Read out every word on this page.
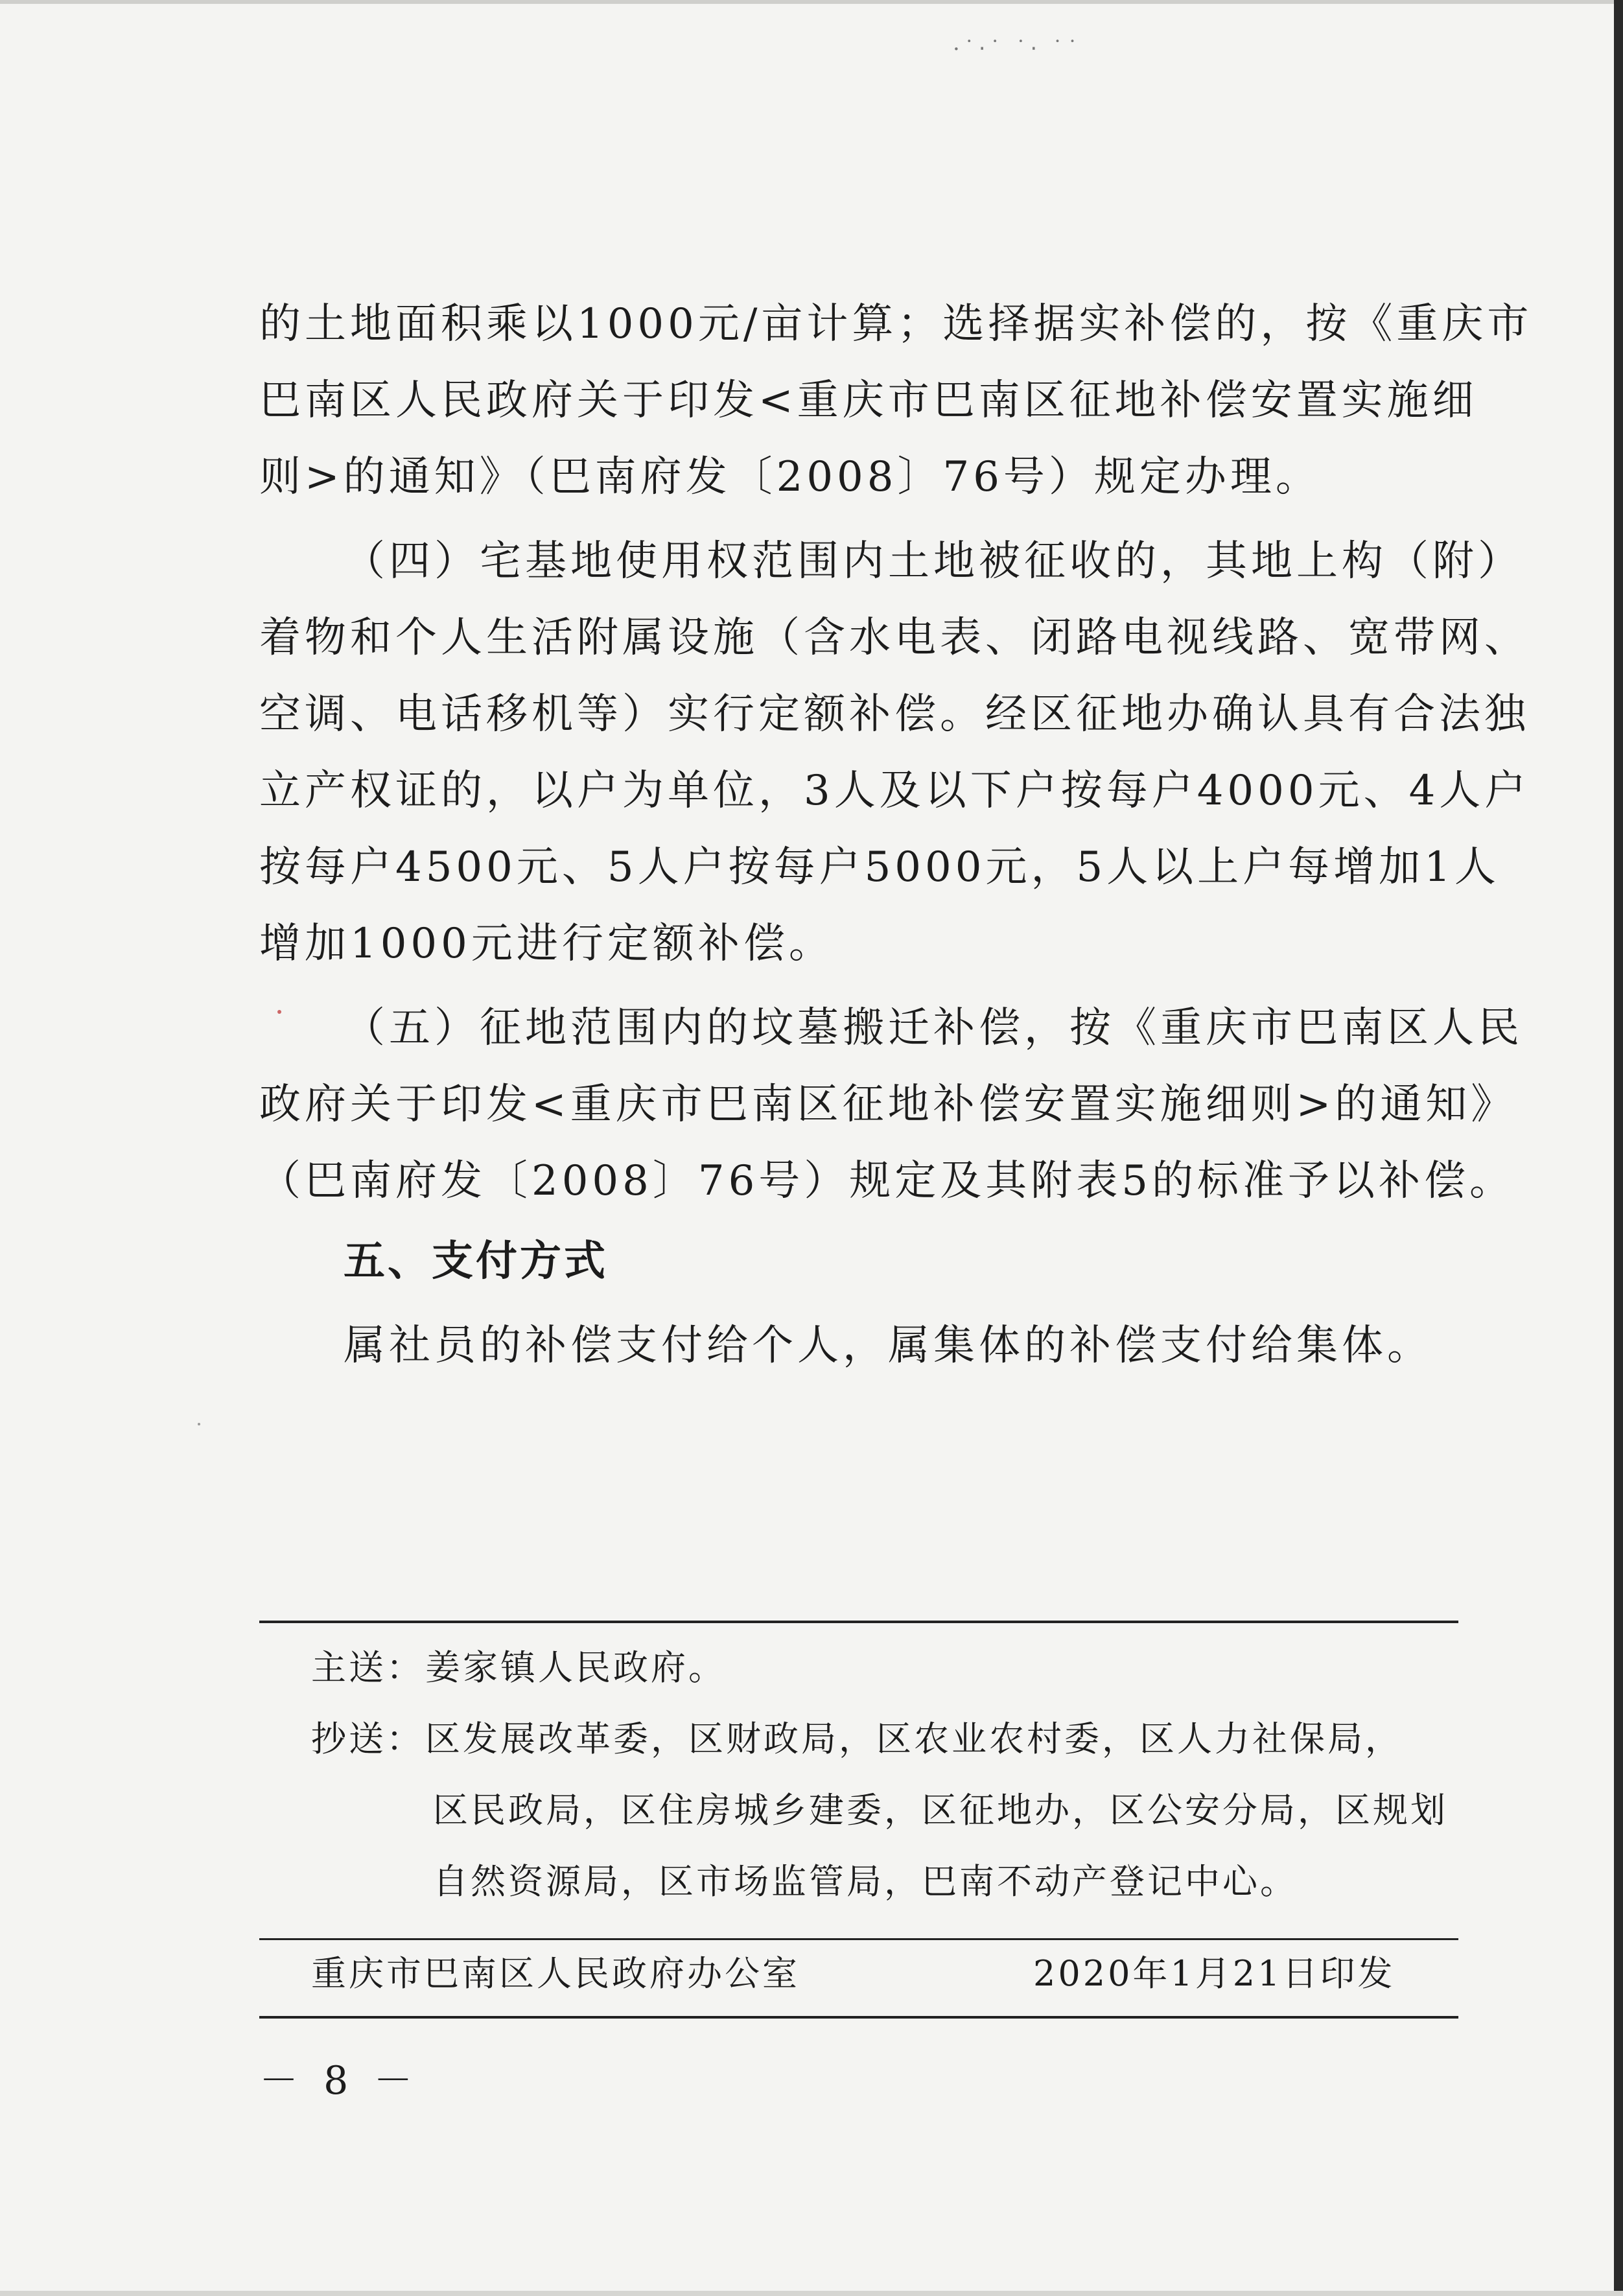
·˙‧˙ ˙‧ ˙˙
的土地面积乘以1000元/亩计算；选择据实补偿的，按《重庆市
巴南区人民政府关于印发<重庆市巴南区征地补偿安置实施细
则>的通知》（巴南府发〔2008〕76号）规定办理。
（四）宅基地使用权范围内土地被征收的，其地上构（附）
着物和个人生活附属设施（含水电表、闭路电视线路、宽带网、
空调、电话移机等）实行定额补偿。经区征地办确认具有合法独
立产权证的，以户为单位，3人及以下户按每户4000元、4人户
按每户4500元、5人户按每户5000元，5人以上户每增加1人
增加1000元进行定额补偿。
（五）征地范围内的坟墓搬迁补偿，按《重庆市巴南区人民
政府关于印发<重庆市巴南区征地补偿安置实施细则>的通知》
（巴南府发〔2008〕76号）规定及其附表5的标准予以补偿。
五、支付方式
属社员的补偿支付给个人，属集体的补偿支付给集体。
主送： 姜家镇人民政府。
抄送： 区发展改革委，区财政局，区农业农村委，区人力社保局，
区民政局，区住房城乡建委，区征地办，区公安分局，区规划
自然资源局，区市场监管局，巴南不动产登记中心。
重庆市巴南区人民政府办公室	2020年1月21日印发
－ 8 －
